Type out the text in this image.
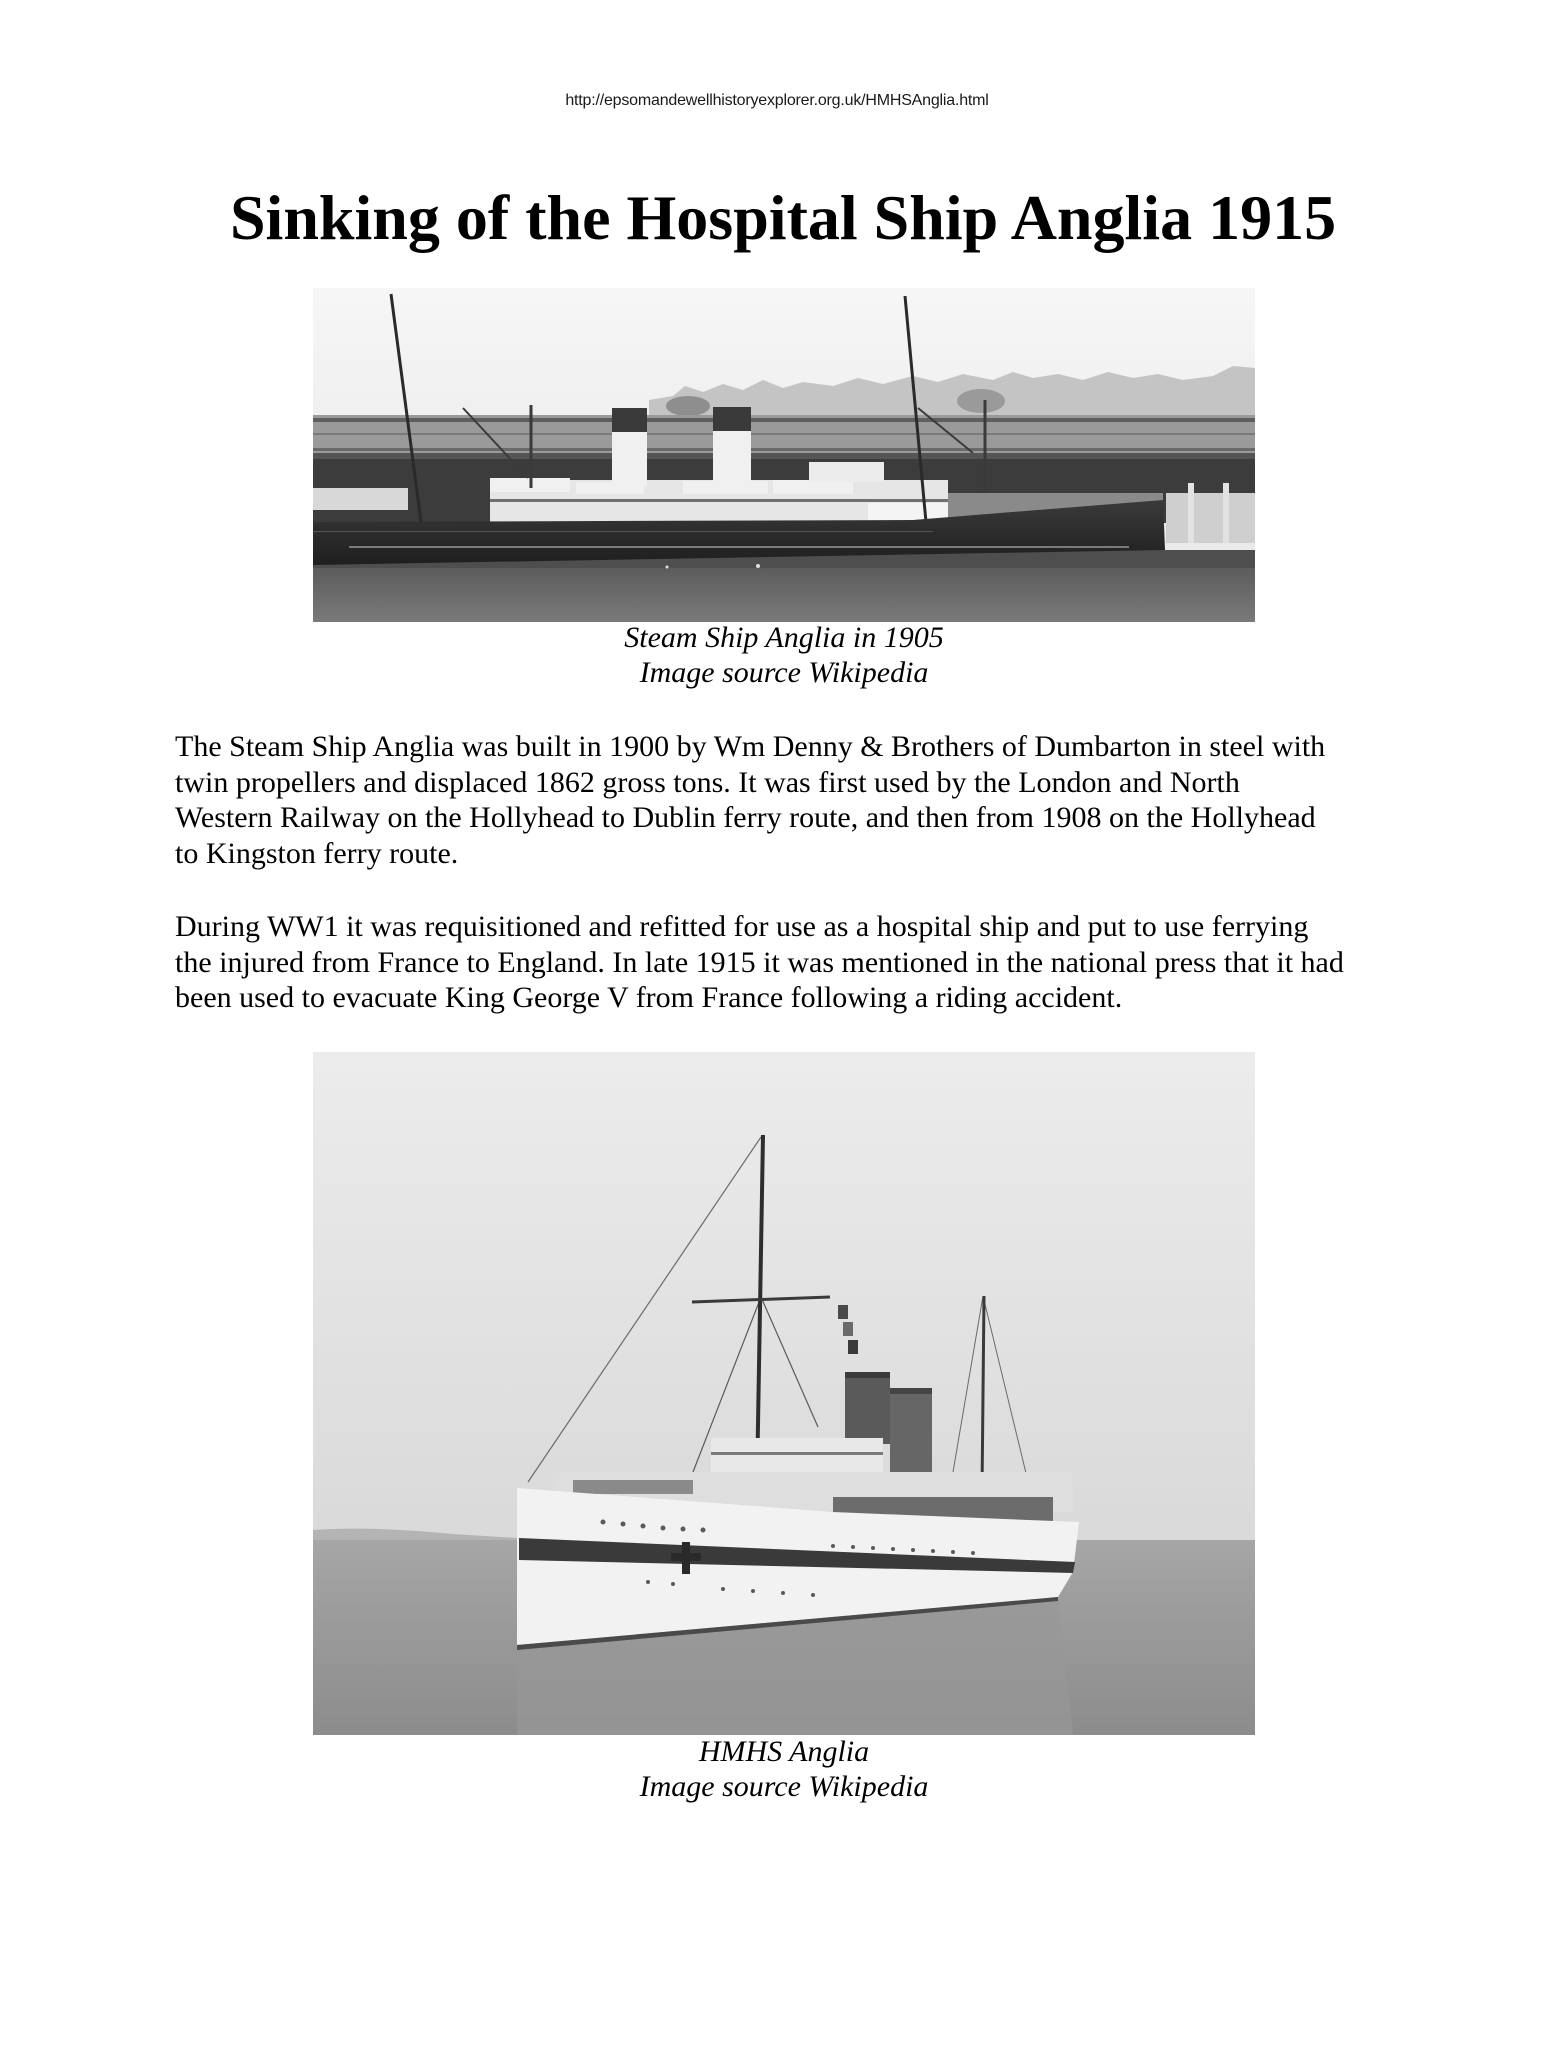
http://epsomandewellhistoryexplorer.org.uk/HMHSAnglia.html
Sinking of the Hospital Ship Anglia 1915
Steam Ship Anglia in 1905
Image source Wikipedia
The Steam Ship Anglia was built in 1900 by Wm Denny & Brothers of Dumbarton in steel with
twin propellers and displaced 1862 gross tons. It was first used by the London and North
Western Railway on the Hollyhead to Dublin ferry route, and then from 1908 on the Hollyhead
to Kingston ferry route.
During WW1 it was requisitioned and refitted for use as a hospital ship and put to use ferrying
the injured from France to England. In late 1915 it was mentioned in the national press that it had
been used to evacuate King George V from France following a riding accident.
HMHS Anglia
Image source Wikipedia
